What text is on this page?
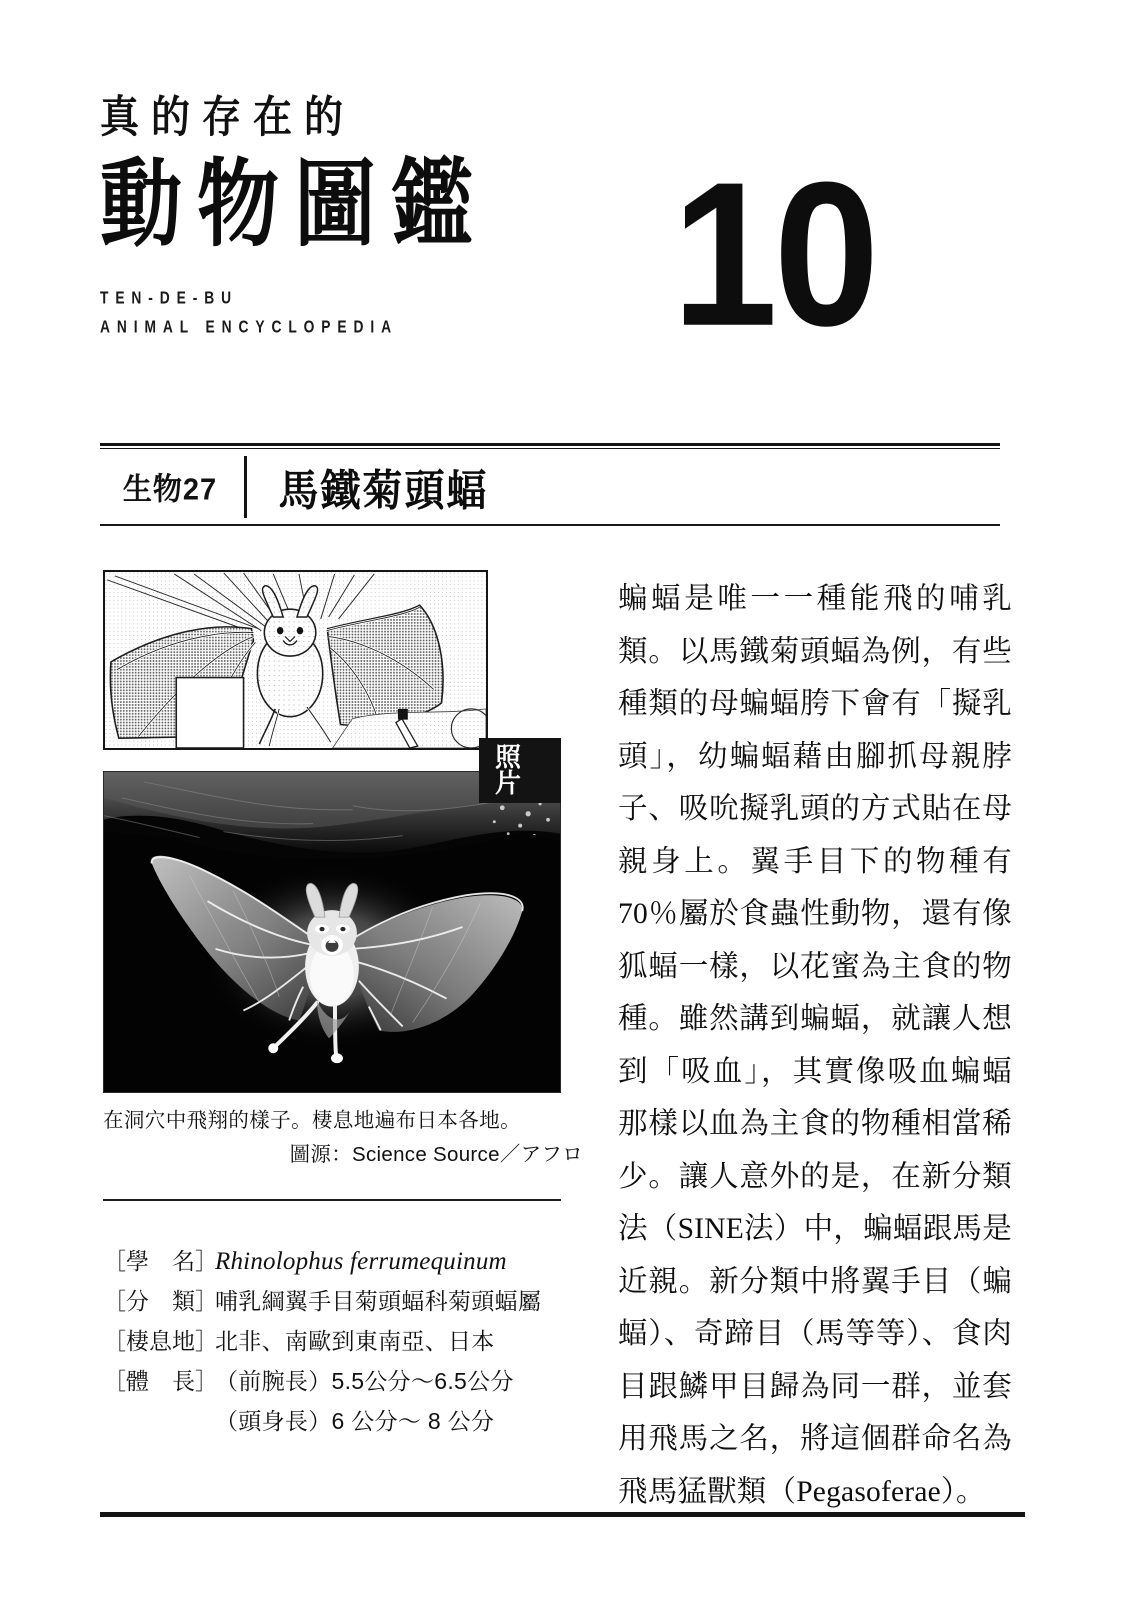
真的存在的
動物圖鑑
TEN-DE-BU
ANIMAL ENCYCLOPEDIA	10
生物27	馬鐵菊頭蝠
照 片
在洞穴中飛翔的樣子。棲息地遍布日本各地。
圖源：Science Source／アフロ
［學　名］
Rhinolophus ferrumequinum
［分　類］
哺乳綱翼手目菊頭蝠科菊頭蝠屬
［棲息地］
北非、南歐到東南亞、日本
［體　長］
（前腕長）5.5公分～6.5公分
（頭身長）6 公分～ 8 公分
蝙蝠是唯一一種能飛的哺乳類。以馬鐵菊頭蝠為例，有些種類的母蝙蝠胯下會有「擬乳頭」，幼蝙蝠藉由腳抓母親脖子、吸吮擬乳頭的方式貼在母親身上。翼手目下的物種有70％屬於食蟲性動物，還有像狐蝠一樣，以花蜜為主食的物種。雖然講到蝙蝠，就讓人想到「吸血」，其實像吸血蝙蝠那樣以血為主食的物種相當稀少。讓人意外的是，在新分類法（SINE法）中，蝙蝠跟馬是近親。新分類中將翼手目（蝙蝠）、奇蹄目（馬等等）、食肉目跟鱗甲目歸為同一群，並套用飛馬之名，將這個群命名為飛馬猛獸類（Pegasoferae）。
